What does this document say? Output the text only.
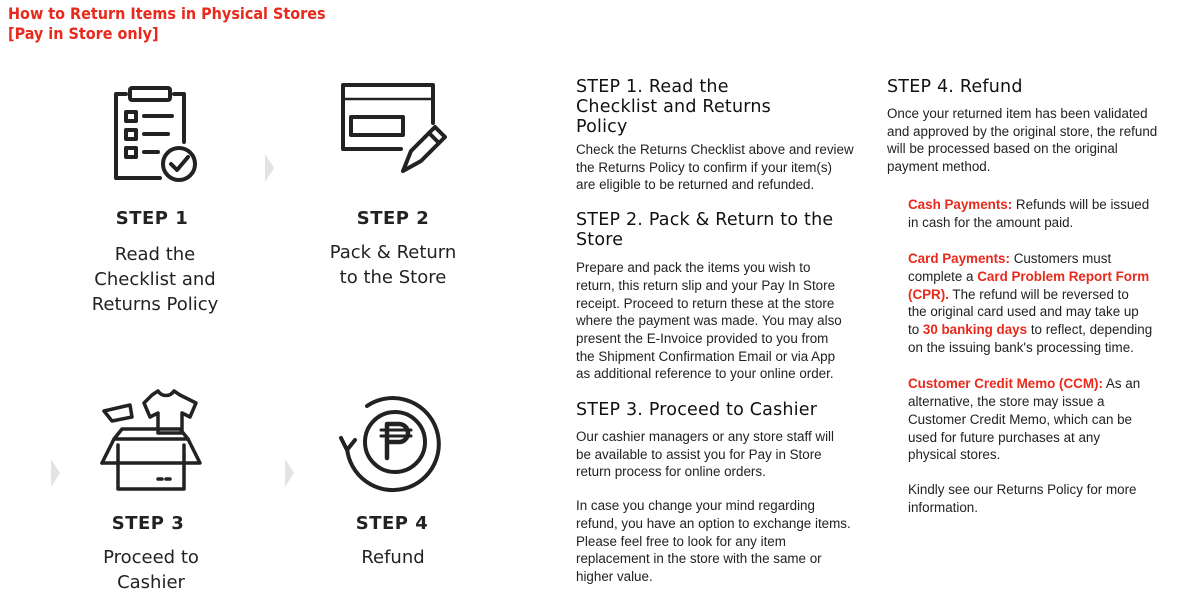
How to Return Items in Physical Stores
[Pay in Store only]
STEP 1
Read the
Checklist and
Returns Policy
STEP 2
Pack & Return
to the Store
STEP 3
Proceed to
Cashier
STEP 4
Refund
STEP 1. Read the
Checklist and Returns
Policy
Check the Returns Checklist above and review
the Returns Policy to confirm if your item(s)
are eligible to be returned and refunded.
STEP 2. Pack & Return to the
Store
Prepare and pack the items you wish to
return, this return slip and your Pay In Store
receipt. Proceed to return these at the store
where the payment was made. You may also
present the E-Invoice provided to you from
the Shipment Confirmation Email or via App
as additional reference to your online order.
STEP 3. Proceed to Cashier
Our cashier managers or any store staff will
be available to assist you for Pay in Store
return process for online orders.
In case you change your mind regarding
refund, you have an option to exchange items.
Please feel free to look for any item
replacement in the store with the same or
higher value.
STEP 4. Refund
Once your returned item has been validated
and approved by the original store, the refund
will be processed based on the original
payment method.
Cash Payments: Refunds will be issued
in cash for the amount paid.
Card Payments: Customers must
complete a Card Problem Report Form
(CPR). The refund will be reversed to
the original card used and may take up
to 30 banking days to reflect, depending
on the issuing bank's processing time.
Customer Credit Memo (CCM): As an
alternative, the store may issue a
Customer Credit Memo, which can be
used for future purchases at any
physical stores.
Kindly see our Returns Policy for more
information.
